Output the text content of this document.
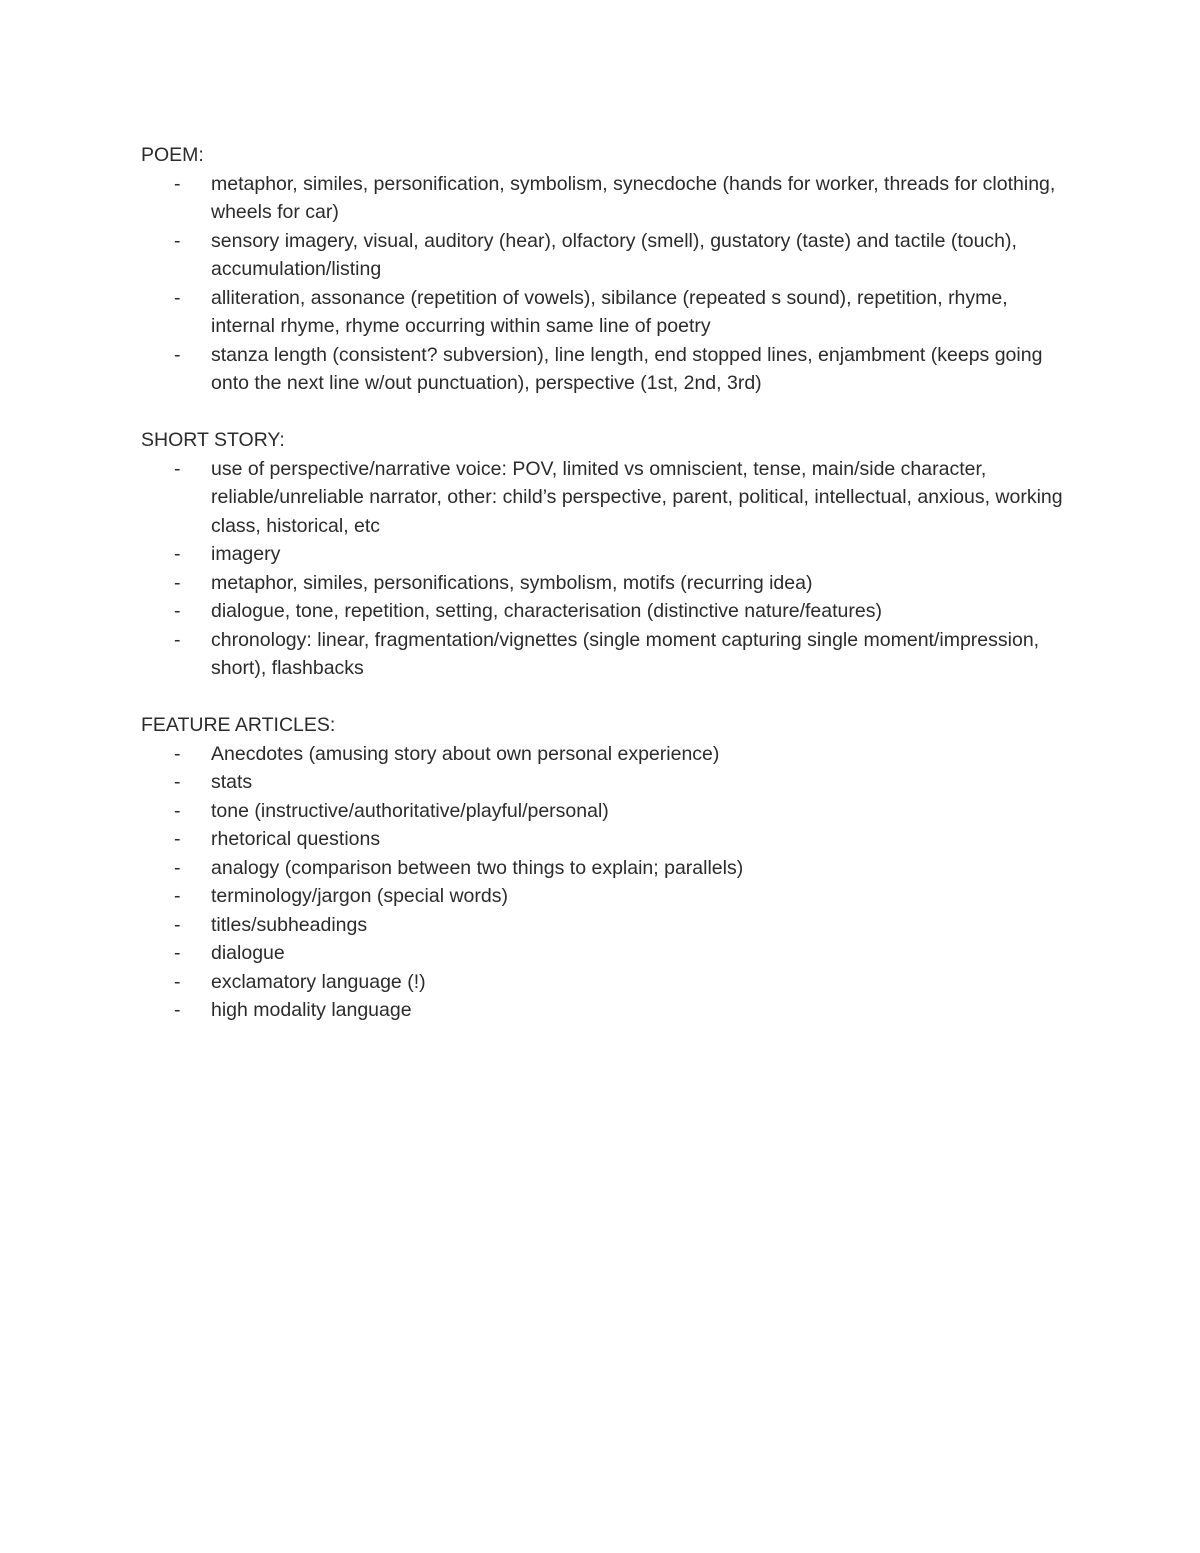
POEM:

- metaphor, similes, personification, symbolism, synecdoche (hands for worker, threads for clothing, wheels for car)
- sensory imagery, visual, auditory (hear), olfactory (smell), gustatory (taste) and tactile (touch), accumulation/listing
- alliteration, assonance (repetition of vowels), sibilance (repeated s sound), repetition, rhyme, internal rhyme, rhyme occurring within same line of poetry
- stanza length (consistent? subversion), line length, end stopped lines, enjambment (keeps going onto the next line w/out punctuation), perspective (1st, 2nd, 3rd)

SHORT STORY:

- use of perspective/narrative voice: POV, limited vs omniscient, tense, main/side character, reliable/unreliable narrator, other: child’s perspective, parent, political, intellectual, anxious, working class, historical, etc
- imagery
- metaphor, similes, personifications, symbolism, motifs (recurring idea)
- dialogue, tone, repetition, setting, characterisation (distinctive nature/features)
- chronology: linear, fragmentation/vignettes (single moment capturing single moment/impression, short), flashbacks

FEATURE ARTICLES:

- Anecdotes (amusing story about own personal experience)
- stats
- tone (instructive/authoritative/playful/personal)
- rhetorical questions
- analogy (comparison between two things to explain; parallels)
- terminology/jargon (special words)
- titles/subheadings
- dialogue
- exclamatory language (!)
- high modality language
